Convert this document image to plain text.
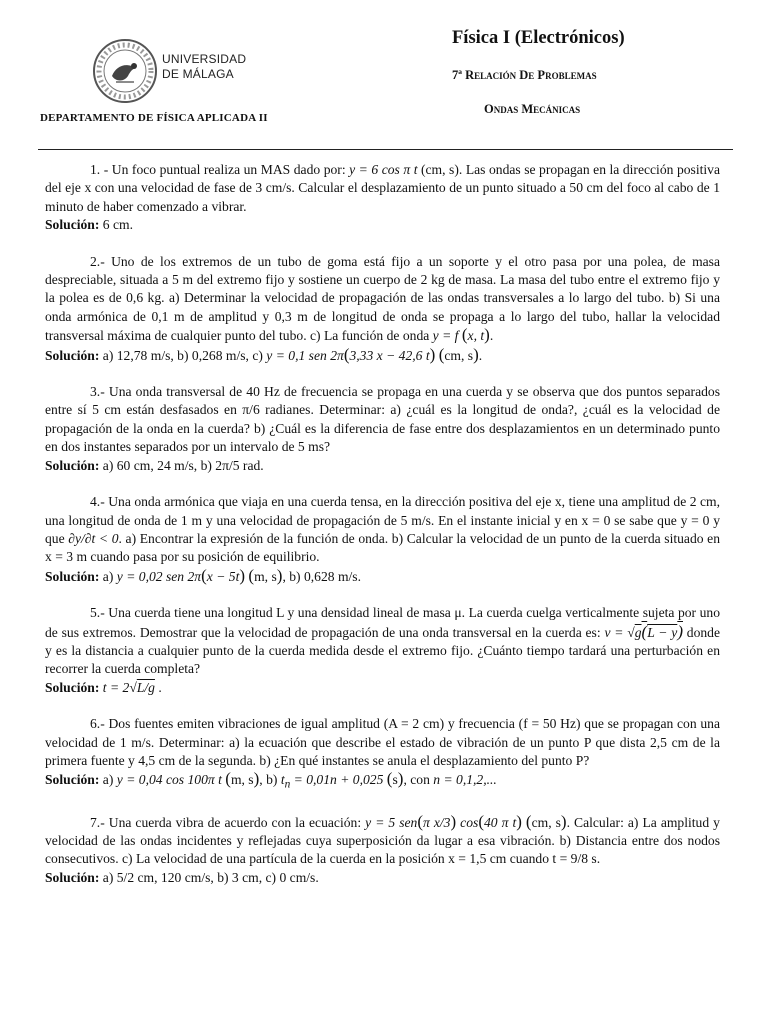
UNIVERSIDAD
DE MÁLAGA
DEPARTAMENTO DE FÍSICA APLICADA II
Física I (Electrónicos)
7ª Relación De Problemas
Ondas Mecánicas

1. - Un foco puntual realiza un MAS dado por: y = 6 cos π t (cm, s). Las ondas se propagan en la dirección positiva del eje x con una velocidad de fase de 3 cm/s. Calcular el desplazamiento de un punto situado a 50 cm del foco al cabo de 1 minuto de haber comenzado a vibrar.

Solución: 6 cm.

2.- Uno de los extremos de un tubo de goma está fijo a un soporte y el otro pasa por una polea, de masa despreciable, situada a 5 m del extremo fijo y sostiene un cuerpo de 2 kg de masa. La masa del tubo entre el extremo fijo y la polea es de 0,6 kg. a) Determinar la velocidad de propagación de las ondas transversales a lo largo del tubo. b) Si una onda armónica de 0,1 m de amplitud y 0,3 m de longitud de onda se propaga a lo largo del tubo, hallar la velocidad transversal máxima de cualquier punto del tubo. c) La función de onda y = f (x, t).

Solución: a) 12,78 m/s, b) 0,268 m/s, c) y = 0,1 sen 2π(3,33 x − 42,6 t) (cm, s).

3.- Una onda transversal de 40 Hz de frecuencia se propaga en una cuerda y se observa que dos puntos separados entre sí 5 cm están desfasados en π/6 radianes. Determinar: a) ¿cuál es la longitud de onda?, ¿cuál es la velocidad de propagación de la onda en la cuerda? b) ¿Cuál es la diferencia de fase entre dos desplazamientos en un determinado punto en dos instantes separados por un intervalo de 5 ms?

Solución: a) 60 cm, 24 m/s, b) 2π/5 rad.

4.- Una onda armónica que viaja en una cuerda tensa, en la dirección positiva del eje x, tiene una amplitud de 2 cm, una longitud de onda de 1 m y una velocidad de propagación de 5 m/s. En el instante inicial y en x = 0 se sabe que y = 0 y que ∂y/∂t < 0. a) Encontrar la expresión de la función de onda. b) Calcular la velocidad de un punto de la cuerda situado en x = 3 m cuando pasa por su posición de equilibrio.

Solución: a) y = 0,02 sen 2π(x − 5t) (m, s), b) 0,628 m/s.

5.- Una cuerda tiene una longitud L y una densidad lineal de masa μ. La cuerda cuelga verticalmente sujeta por uno de sus extremos. Demostrar que la velocidad de propagación de una onda transversal en la cuerda es: v = √g(L − y) donde y es la distancia a cualquier punto de la cuerda medida desde el extremo fijo. ¿Cuánto tiempo tardará una perturbación en recorrer la cuerda completa?

Solución: t = 2√L/g .

6.- Dos fuentes emiten vibraciones de igual amplitud (A = 2 cm) y frecuencia (f = 50 Hz) que se propagan con una velocidad de 1 m/s. Determinar: a) la ecuación que describe el estado de vibración de un punto P que dista 2,5 cm de la primera fuente y 4,5 cm de la segunda. b) ¿En qué instantes se anula el desplazamiento del punto P?

Solución: a) y = 0,04 cos 100π t (m, s), b) $t_n = 0,01n + 0,025$ (s), con n = 0,1,2,...

7.- Una cuerda vibra de acuerdo con la ecuación: y = 5 sen(π x/3) cos(40 π t) (cm, s). Calcular: a) La amplitud y velocidad de las ondas incidentes y reflejadas cuya superposición da lugar a esa vibración. b) Distancia entre dos nodos consecutivos. c) La velocidad de una partícula de la cuerda en la posición x = 1,5 cm cuando t = 9/8 s.

Solución: a) 5/2 cm, 120 cm/s, b) 3 cm, c) 0 cm/s.
